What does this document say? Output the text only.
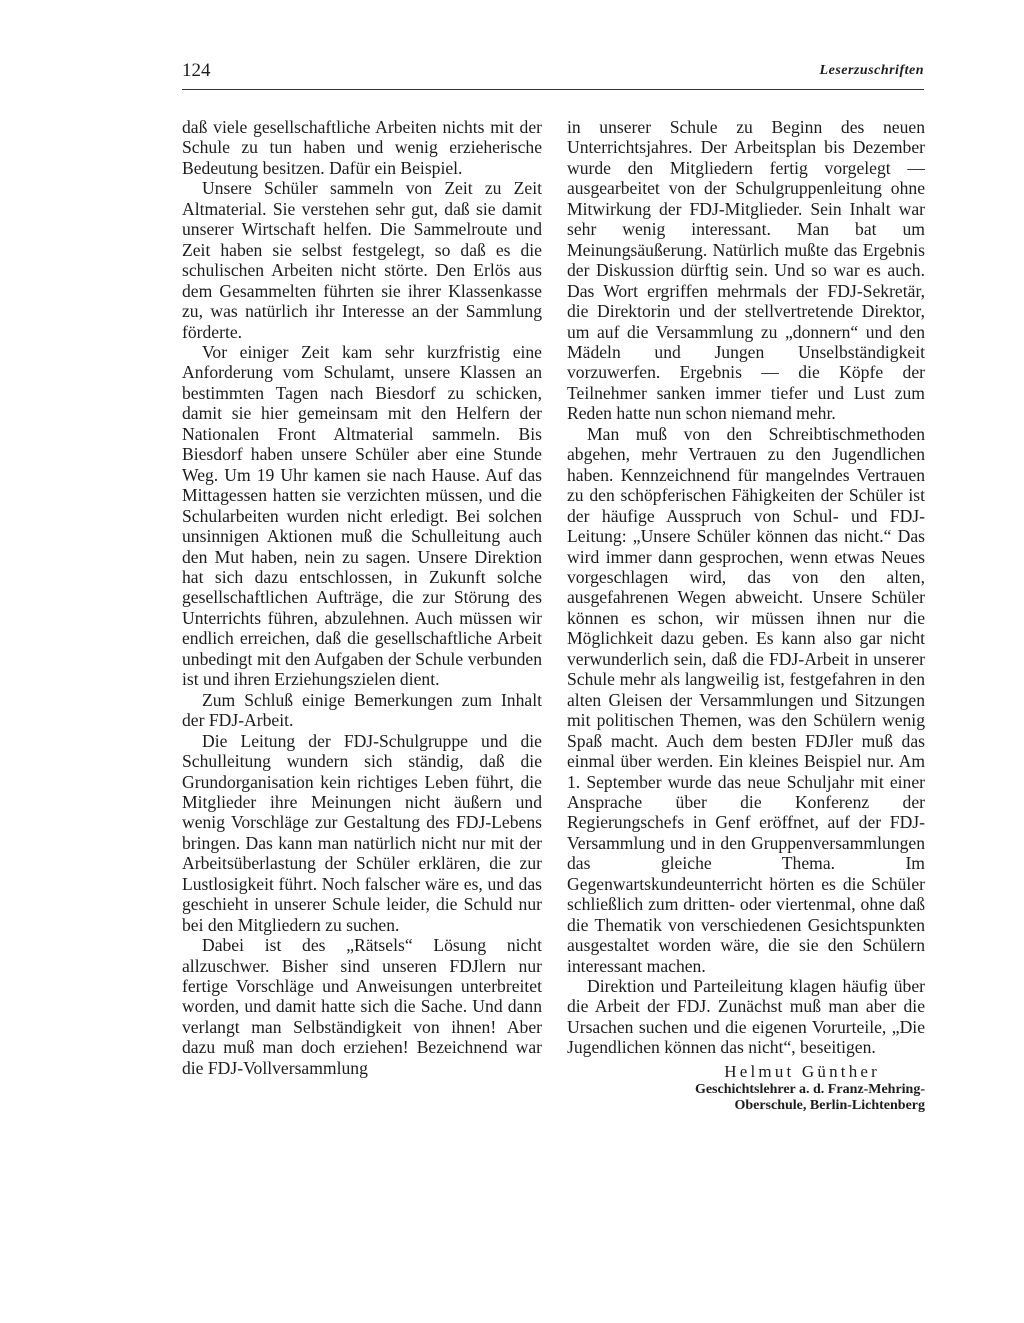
124	Leserzuschriften

daß viele gesellschaftliche Arbeiten nichts mit der Schule zu tun haben und wenig erzieherische Bedeutung besitzen. Dafür ein Beispiel.

Unsere Schüler sammeln von Zeit zu Zeit Altmaterial. Sie verstehen sehr gut, daß sie damit unserer Wirtschaft helfen. Die Sammelroute und Zeit haben sie selbst festgelegt, so daß es die schulischen Arbeiten nicht störte. Den Erlös aus dem Gesammelten führten sie ihrer Klassenkasse zu, was natürlich ihr Interesse an der Sammlung förderte.

Vor einiger Zeit kam sehr kurzfristig eine Anforderung vom Schulamt, unsere Klassen an bestimmten Tagen nach Biesdorf zu schicken, damit sie hier gemeinsam mit den Helfern der Nationalen Front Altmaterial sammeln. Bis Biesdorf haben unsere Schüler aber eine Stunde Weg. Um 19 Uhr kamen sie nach Hause. Auf das Mittagessen hatten sie verzichten müssen, und die Schularbeiten wurden nicht erledigt. Bei solchen unsinnigen Aktionen muß die Schulleitung auch den Mut haben, nein zu sagen. Unsere Direktion hat sich dazu entschlossen, in Zukunft solche gesellschaftlichen Aufträge, die zur Störung des Unterrichts führen, abzulehnen. Auch müssen wir endlich erreichen, daß die gesellschaftliche Arbeit unbedingt mit den Aufgaben der Schule verbunden ist und ihren Erziehungszielen dient.

Zum Schluß einige Bemerkungen zum Inhalt der FDJ-Arbeit.

Die Leitung der FDJ-Schulgruppe und die Schulleitung wundern sich ständig, daß die Grundorganisation kein richtiges Leben führt, die Mitglieder ihre Meinungen nicht äußern und wenig Vorschläge zur Gestaltung des FDJ-Lebens bringen. Das kann man natürlich nicht nur mit der Arbeitsüberlastung der Schüler erklären, die zur Lustlosigkeit führt. Noch falscher wäre es, und das geschieht in unserer Schule leider, die Schuld nur bei den Mitgliedern zu suchen.

Dabei ist des „Rätsels“ Lösung nicht allzuschwer. Bisher sind unseren FDJlern nur fertige Vorschläge und Anweisungen unterbreitet worden, und damit hatte sich die Sache. Und dann verlangt man Selbständigkeit von ihnen! Aber dazu muß man doch erziehen! Bezeichnend war die FDJ-Vollversammlung

in unserer Schule zu Beginn des neuen Unterrichtsjahres. Der Arbeitsplan bis Dezember wurde den Mitgliedern fertig vorgelegt — ausgearbeitet von der Schulgruppenleitung ohne Mitwirkung der FDJ-Mitglieder. Sein Inhalt war sehr wenig interessant. Man bat um Meinungsäußerung. Natürlich mußte das Ergebnis der Diskussion dürftig sein. Und so war es auch. Das Wort ergriffen mehrmals der FDJ-Sekretär, die Direktorin und der stellvertretende Direktor, um auf die Versammlung zu „donnern“ und den Mädeln und Jungen Unselbständigkeit vorzuwerfen. Ergebnis — die Köpfe der Teilnehmer sanken immer tiefer und Lust zum Reden hatte nun schon niemand mehr.

Man muß von den Schreibtischmethoden abgehen, mehr Vertrauen zu den Jugendlichen haben. Kennzeichnend für mangelndes Vertrauen zu den schöpferischen Fähigkeiten der Schüler ist der häufige Ausspruch von Schul- und FDJ-Leitung: „Unsere Schüler können das nicht.“ Das wird immer dann gesprochen, wenn etwas Neues vorgeschlagen wird, das von den alten, ausgefahrenen Wegen abweicht. Unsere Schüler können es schon, wir müssen ihnen nur die Möglichkeit dazu geben. Es kann also gar nicht verwunderlich sein, daß die FDJ-Arbeit in unserer Schule mehr als langweilig ist, festgefahren in den alten Gleisen der Versammlungen und Sitzungen mit politischen Themen, was den Schülern wenig Spaß macht. Auch dem besten FDJler muß das einmal über werden. Ein kleines Beispiel nur. Am 1. September wurde das neue Schuljahr mit einer Ansprache über die Konferenz der Regierungschefs in Genf eröffnet, auf der FDJ-Versammlung und in den Gruppenversammlungen das gleiche Thema. Im Gegenwartskundeunterricht hörten es die Schüler schließlich zum dritten- oder viertenmal, ohne daß die Thematik von verschiedenen Gesichtspunkten ausgestaltet worden wäre, die sie den Schülern interessant machen.

Direktion und Parteileitung klagen häufig über die Arbeit der FDJ. Zunächst muß man aber die Ursachen suchen und die eigenen Vorurteile, „Die Jugendlichen können das nicht“, beseitigen.

Helmut Günther
Geschichtslehrer a. d. Franz-Mehring-
Oberschule, Berlin-Lichtenberg
